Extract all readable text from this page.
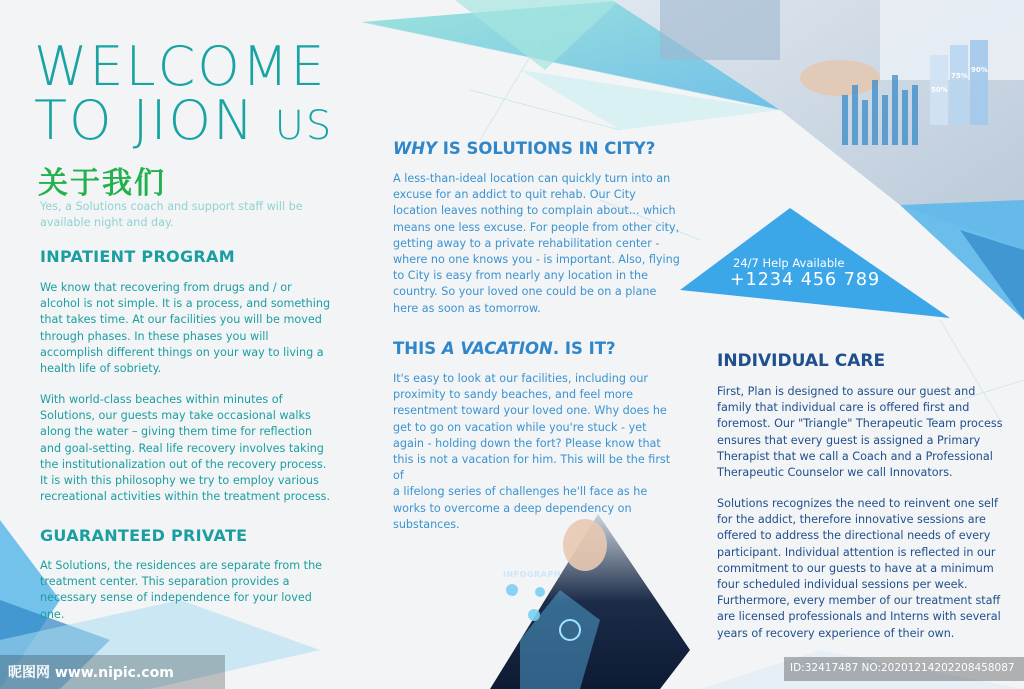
WELCOME
TO JION US
关于我们

Yes, a Solutions coach and support staff will be
available night and day.

INPATIENT PROGRAM

We know that recovering from drugs and / or
alcohol is not simple. It is a process, and something
that takes time. At our facilities you will be moved
through phases. In these phases you will
accomplish different things on your way to living a
health life of sobriety.

With world-class beaches within minutes of
Solutions, our guests may take occasional walks
along the water – giving them time for reflection
and goal-setting. Real life recovery involves taking
the institutionalization out of the recovery process.
It is with this philosophy we try to employ various
recreational activities within the treatment process.

GUARANTEED PRIVATE

At Solutions, the residences are separate from the
treatment center. This separation provides a
necessary sense of independence for your loved
one.

WHY IS SOLUTIONS IN CITY?

A less-than-ideal location can quickly turn into an
excuse for an addict to quit rehab. Our City
location leaves nothing to complain about... which
means one less excuse. For people from other city,
getting away to a private rehabilitation center -
where no one knows you - is important. Also, flying
to City is easy from nearly any location in the
country. So your loved one could be on a plane
here as soon as tomorrow.

THIS A VACATION. IS IT?

It's easy to look at our facilities, including our
proximity to sandy beaches, and feel more
resentment toward your loved one. Why does he
get to go on vacation while you're stuck - yet
again - holding down the fort? Please know that
this is not a vacation for him. This will be the first of
a lifelong series of challenges he'll face as he
works to overcome a deep dependency on
substances.

INFOGRAPH
50%
75%
90%
24/7 Help Available
+1234 456 789
INDIVIDUAL CARE

First, Plan is designed to assure our guest and
family that individual care is offered first and
foremost. Our "Triangle" Therapeutic Team process
ensures that every guest is assigned a Primary
Therapist that we call a Coach and a Professional
Therapeutic Counselor we call Innovators.

Solutions recognizes the need to reinvent one self
for the addict, therefore innovative sessions are
offered to address the directional needs of every
participant. Individual attention is reflected in our
commitment to our guests to have at a minimum
four scheduled individual sessions per week.
Furthermore, every member of our treatment staff
are licensed professionals and Interns with several
years of recovery experience of their own.

昵图网 www.nipic.com	ID:32417487 NO:20201214202208458087
